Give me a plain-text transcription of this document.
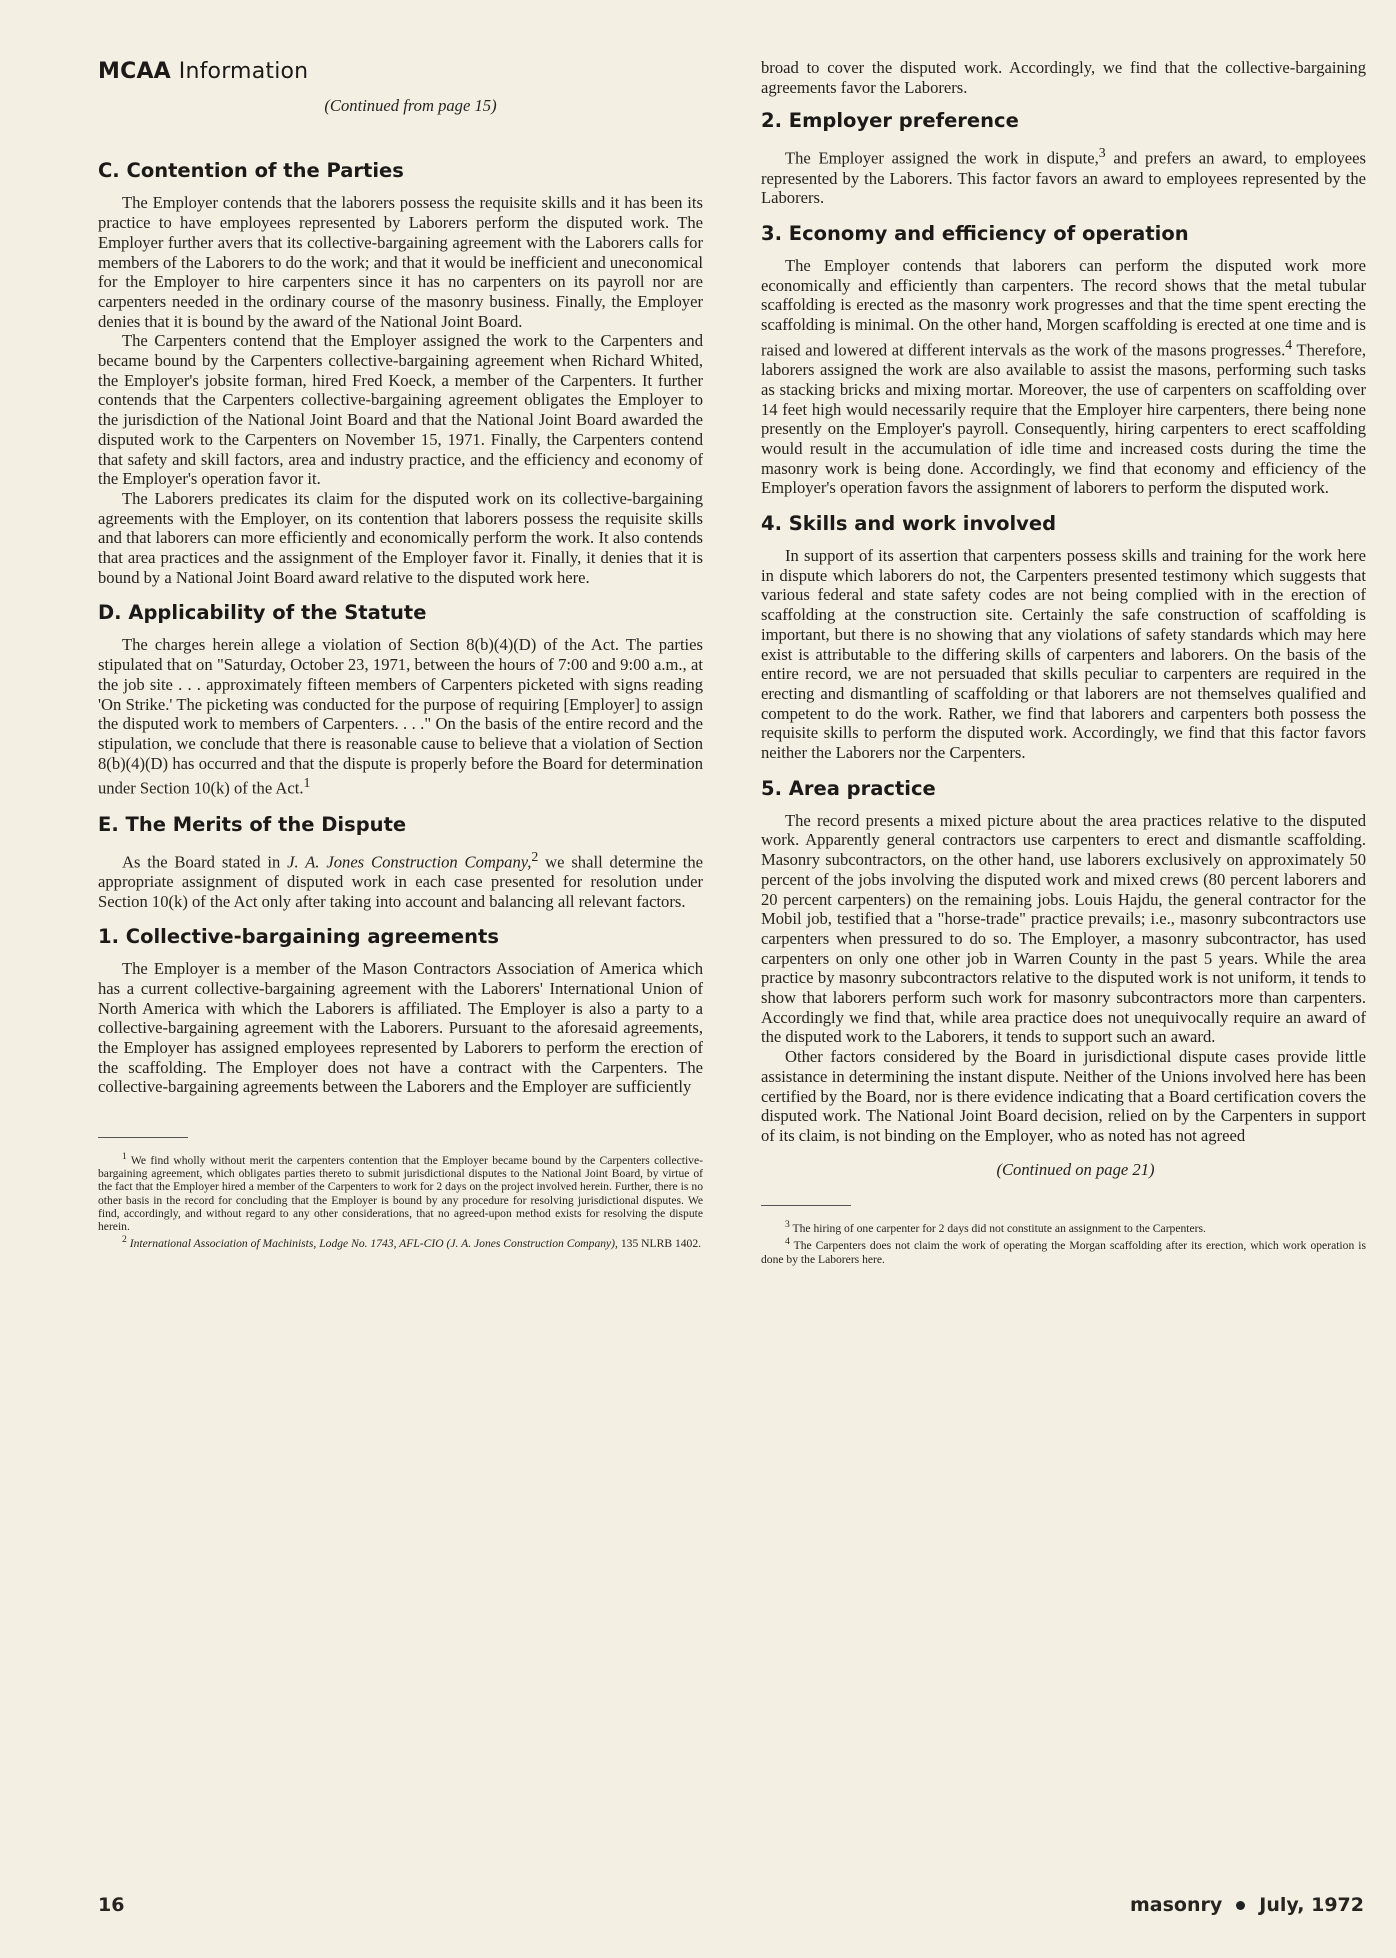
MCAA Information

(Continued from page 15)

C. Contention of the Parties

The Employer contends that the laborers possess the requisite skills and it has been its practice to have employees represented by Laborers perform the disputed work. The Employer further avers that its collective-bargaining agreement with the Laborers calls for members of the Laborers to do the work; and that it would be inefficient and uneconomical for the Employer to hire carpenters since it has no carpenters on its payroll nor are carpenters needed in the ordinary course of the masonry business. Finally, the Employer denies that it is bound by the award of the National Joint Board.

The Carpenters contend that the Employer assigned the work to the Carpenters and became bound by the Carpenters collective-bargaining agreement when Richard Whited, the Employer's jobsite forman, hired Fred Koeck, a member of the Carpenters. It further contends that the Carpenters collective-bargaining agreement obligates the Employer to the jurisdiction of the National Joint Board and that the National Joint Board awarded the disputed work to the Carpenters on November 15, 1971. Finally, the Carpenters contend that safety and skill factors, area and industry practice, and the efficiency and economy of the Employer's operation favor it.

The Laborers predicates its claim for the disputed work on its collective-bargaining agreements with the Employer, on its contention that laborers possess the requisite skills and that laborers can more efficiently and economically perform the work. It also contends that area practices and the assignment of the Employer favor it. Finally, it denies that it is bound by a National Joint Board award relative to the disputed work here.

D. Applicability of the Statute

The charges herein allege a violation of Section 8(b)(4)(D) of the Act. The parties stipulated that on "Saturday, October 23, 1971, between the hours of 7:00 and 9:00 a.m., at the job site . . . approximately fifteen members of Carpenters picketed with signs reading 'On Strike.' The picketing was conducted for the purpose of requiring [Employer] to assign the disputed work to members of Carpenters. . . ." On the basis of the entire record and the stipulation, we conclude that there is reasonable cause to believe that a violation of Section 8(b)(4)(D) has occurred and that the dispute is properly before the Board for determination under Section 10(k) of the Act.$^1$

E. The Merits of the Dispute

As the Board stated in J. A. Jones Construction Company,$^2$ we shall determine the appropriate assignment of disputed work in each case presented for resolution under Section 10(k) of the Act only after taking into account and balancing all relevant factors.

1. Collective-bargaining agreements

The Employer is a member of the Mason Contractors Association of America which has a current collective-bargaining agreement with the Laborers' International Union of North America with which the Laborers is affiliated. The Employer is also a party to a collective-bargaining agreement with the Laborers. Pursuant to the aforesaid agreements, the Employer has assigned employees represented by Laborers to perform the erection of the scaffolding. The Employer does not have a contract with the Carpenters. The collective-bargaining agreements between the Laborers and the Employer are sufficiently

$^1$ We find wholly without merit the carpenters contention that the Employer became bound by the Carpenters collective-bargaining agreement, which obligates parties thereto to submit jurisdictional disputes to the National Joint Board, by virtue of the fact that the Employer hired a member of the Carpenters to work for 2 days on the project involved herein. Further, there is no other basis in the record for concluding that the Employer is bound by any procedure for resolving jurisdictional disputes. We find, accordingly, and without regard to any other considerations, that no agreed-upon method exists for resolving the dispute herein.

$^2$ International Association of Machinists, Lodge No. 1743, AFL-CIO (J. A. Jones Construction Company), 135 NLRB 1402.

broad to cover the disputed work. Accordingly, we find that the collective-bargaining agreements favor the Laborers.

2. Employer preference

The Employer assigned the work in dispute,$^3$ and prefers an award, to employees represented by the Laborers. This factor favors an award to employees represented by the Laborers.

3. Economy and efficiency of operation

The Employer contends that laborers can perform the disputed work more economically and efficiently than carpenters. The record shows that the metal tubular scaffolding is erected as the masonry work progresses and that the time spent erecting the scaffolding is minimal. On the other hand, Morgen scaffolding is erected at one time and is raised and lowered at different intervals as the work of the masons progresses.$^4$ Therefore, laborers assigned the work are also available to assist the masons, performing such tasks as stacking bricks and mixing mortar. Moreover, the use of carpenters on scaffolding over 14 feet high would necessarily require that the Employer hire carpenters, there being none presently on the Employer's payroll. Consequently, hiring carpenters to erect scaffolding would result in the accumulation of idle time and increased costs during the time the masonry work is being done. Accordingly, we find that economy and efficiency of the Employer's operation favors the assignment of laborers to perform the disputed work.

4. Skills and work involved

In support of its assertion that carpenters possess skills and training for the work here in dispute which laborers do not, the Carpenters presented testimony which suggests that various federal and state safety codes are not being complied with in the erection of scaffolding at the construction site. Certainly the safe construction of scaffolding is important, but there is no showing that any violations of safety standards which may here exist is attributable to the differing skills of carpenters and laborers. On the basis of the entire record, we are not persuaded that skills peculiar to carpenters are required in the erecting and dismantling of scaffolding or that laborers are not themselves qualified and competent to do the work. Rather, we find that laborers and carpenters both possess the requisite skills to perform the disputed work. Accordingly, we find that this factor favors neither the Laborers nor the Carpenters.

5. Area practice

The record presents a mixed picture about the area practices relative to the disputed work. Apparently general contractors use carpenters to erect and dismantle scaffolding. Masonry subcontractors, on the other hand, use laborers exclusively on approximately 50 percent of the jobs involving the disputed work and mixed crews (80 percent laborers and 20 percent carpenters) on the remaining jobs. Louis Hajdu, the general contractor for the Mobil job, testified that a "horse-trade" practice prevails; i.e., masonry subcontractors use carpenters when pressured to do so. The Employer, a masonry subcontractor, has used carpenters on only one other job in Warren County in the past 5 years. While the area practice by masonry subcontractors relative to the disputed work is not uniform, it tends to show that laborers perform such work for masonry subcontractors more than carpenters. Accordingly we find that, while area practice does not unequivocally require an award of the disputed work to the Laborers, it tends to support such an award.

Other factors considered by the Board in jurisdictional dispute cases provide little assistance in determining the instant dispute. Neither of the Unions involved here has been certified by the Board, nor is there evidence indicating that a Board certification covers the disputed work. The National Joint Board decision, relied on by the Carpenters in support of its claim, is not binding on the Employer, who as noted has not agreed

(Continued on page 21)

$^3$ The hiring of one carpenter for 2 days did not constitute an assignment to the Carpenters.

$^4$ The Carpenters does not claim the work of operating the Morgan scaffolding after its erection, which work operation is done by the Laborers here.

16	masonry July, 1972
